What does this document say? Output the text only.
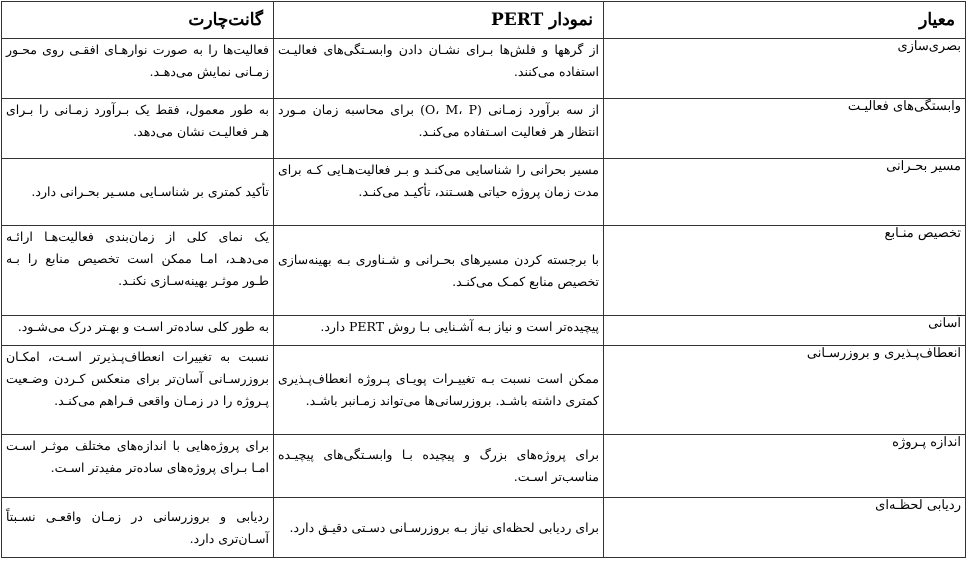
معیار	نمودار PERT	گانت‌چارت
بصری‌سازی	از گرهها و فلش‌ها بـرای نشـان دادن وابسـتگی‌های فعالیـت استفاده می‌کنند.	فعالیت‌ها را به صورت نوارهـای افقـی روی محـور زمـانی نمایش می‌دهـد.
وابستگی‌های فعالیـت	از سه برآورد زمـانی (O، M، P) برای محاسبه زمان مـورد انتظار هر فعالیت اسـتفاده می‌کنـد.	به طور معمول، فقط یک بـرآورد زمـانی را بـرای هـر فعالیـت نشان می‌دهد.
مسیر بحـرانی	مسیر بحرانی را شناسایی می‌کنـد و بـر فعالیت‌هـایی کـه برای مدت زمان پروژه حیاتی هسـتند، تأکیـد می‌کنـد.	تأکید کمتری بر شناسـایی مسـیر بحـرانی دارد.
تخصیص منـابع	با برجسته کردن مسیرهای بحـرانی و شـناوری بـه بهینه‌سازی تخصیص منابع کمـک می‌کنـد.	یک نمای کلی از زمان‌بندی فعالیت‌هـا ارائـه می‌دهـد، امـا ممکن است تخصیص منابع را بـه طـور موثـر بهینه‌سـازی نکنـد.
آسانی	پیچیده‌تر است و نیاز بـه آشـنایی بـا روش PERT دارد.	به طور کلی ساده‌تر اسـت و بهـتر درک می‌شـود.
انعطاف‌پـذیری و بروزرسـانی	ممکن است نسبت بـه تغییـرات پویـای پـروژه انعطاف‌پـذیری کمتری داشته باشـد. بروزرسانی‌ها می‌تواند زمـانبر باشـد.	نسبت به تغییرات انعطاف‌پـذیرتر اسـت، امکـان بروزرسـانی آسان‌تر برای منعکس کـردن وضـعیت پـروژه را در زمـان واقعی فـراهم می‌کنـد.
اندازه پـروژه	برای پروژه‌های بزرگ و پیچیده بـا وابسـتگی‌های پیچیـده مناسب‌تر اسـت.	برای پروژه‌هایی با اندازه‌های مختلف موثـر اسـت امـا بـرای پروژه‌های ساده‌تر مفیدتر اسـت.
ردیابی لحظـه‌ای	برای ردیابی لحظه‌ای نیاز بـه بروزرسـانی دسـتی دقیـق دارد.	ردیابی و بروزرسانی در زمـان واقعـی نسـبتاً آسـان‌تری دارد.
